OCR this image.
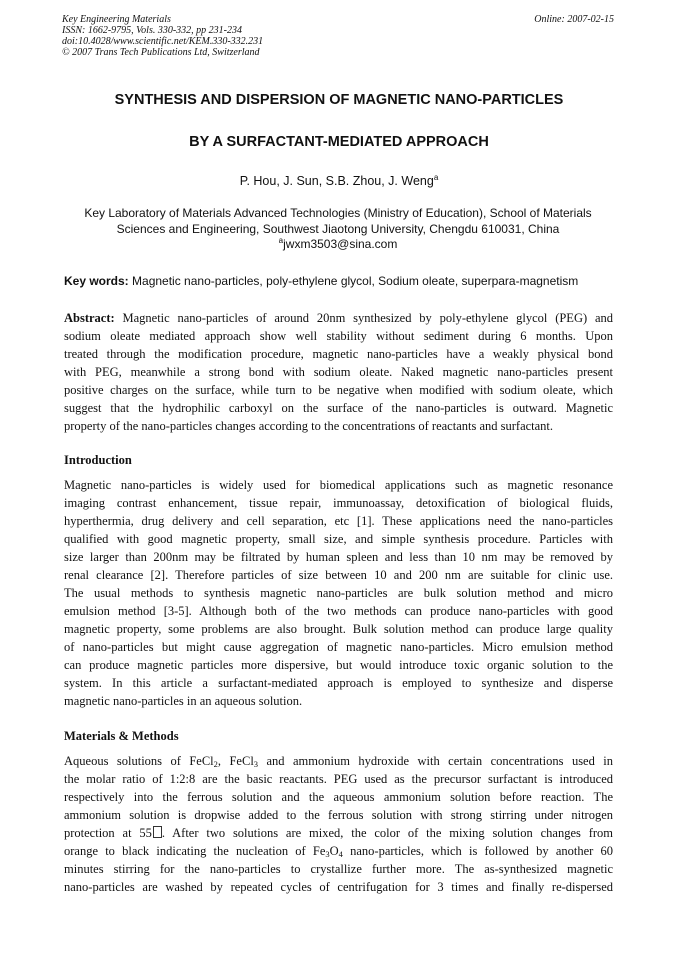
Key Engineering Materials
ISSN: 1662-9795, Vols. 330-332, pp 231-234
doi:10.4028/www.scientific.net/KEM.330-332.231
© 2007 Trans Tech Publications Ltd, Switzerland
Online: 2007-02-15
SYNTHESIS AND DISPERSION OF MAGNETIC NANO-PARTICLES
BY A SURFACTANT-MEDIATED APPROACH
P. Hou, J. Sun, S.B. Zhou, J. Weng$^a$
Key Laboratory of Materials Advanced Technologies (Ministry of Education), School of Materials
Sciences and Engineering, Southwest Jiaotong University, Chengdu 610031, China
$^a$jwxm3503@sina.com
Key words: Magnetic nano-particles, poly-ethylene glycol, Sodium oleate, superpara-magnetism
Abstract: Magnetic nano-particles of around 20nm synthesized by poly-ethylene glycol (PEG) and
sodium oleate mediated approach show well stability without sediment during 6 months. Upon
treated through the modification procedure, magnetic nano-particles have a weakly physical bond
with PEG, meanwhile a strong bond with sodium oleate. Naked magnetic nano-particles present
positive charges on the surface, while turn to be negative when modified with sodium oleate, which
suggest that the hydrophilic carboxyl on the surface of the nano-particles is outward. Magnetic
property of the nano-particles changes according to the concentrations of reactants and surfactant.
Introduction
Magnetic nano-particles is widely used for biomedical applications such as magnetic resonance
imaging contrast enhancement, tissue repair, immunoassay, detoxification of biological fluids,
hyperthermia, drug delivery and cell separation, etc [1]. These applications need the nano-particles
qualified with good magnetic property, small size, and simple synthesis procedure. Particles with
size larger than 200nm may be filtrated by human spleen and less than 10 nm may be removed by
renal clearance [2]. Therefore particles of size between 10 and 200 nm are suitable for clinic use.
The usual methods to synthesis magnetic nano-particles are bulk solution method and micro
emulsion method [3-5]. Although both of the two methods can produce nano-particles with good
magnetic property, some problems are also brought. Bulk solution method can produce large quality
of nano-particles but might cause aggregation of magnetic nano-particles. Micro emulsion method
can produce magnetic particles more dispersive, but would introduce toxic organic solution to the
system. In this article a surfactant-mediated approach is employed to synthesize and disperse
magnetic nano-particles in an aqueous solution.
Materials & Methods
Aqueous solutions of FeCl$_2$, FeCl$_3$ and ammonium hydroxide with certain concentrations used in
the molar ratio of 1:2:8 are the basic reactants. PEG used as the precursor surfactant is introduced
respectively into the ferrous solution and the aqueous ammonium solution before reaction. The
ammonium solution is dropwise added to the ferrous solution with strong stirring under nitrogen
protection at 55 . After two solutions are mixed, the color of the mixing solution changes from
orange to black indicating the nucleation of $Fe_3O_4$ nano-particles, which is followed by another 60
minutes stirring for the nano-particles to crystallize further more. The as-synthesized magnetic
nano-particles are washed by repeated cycles of centrifugation for 3 times and finally re-dispersed
